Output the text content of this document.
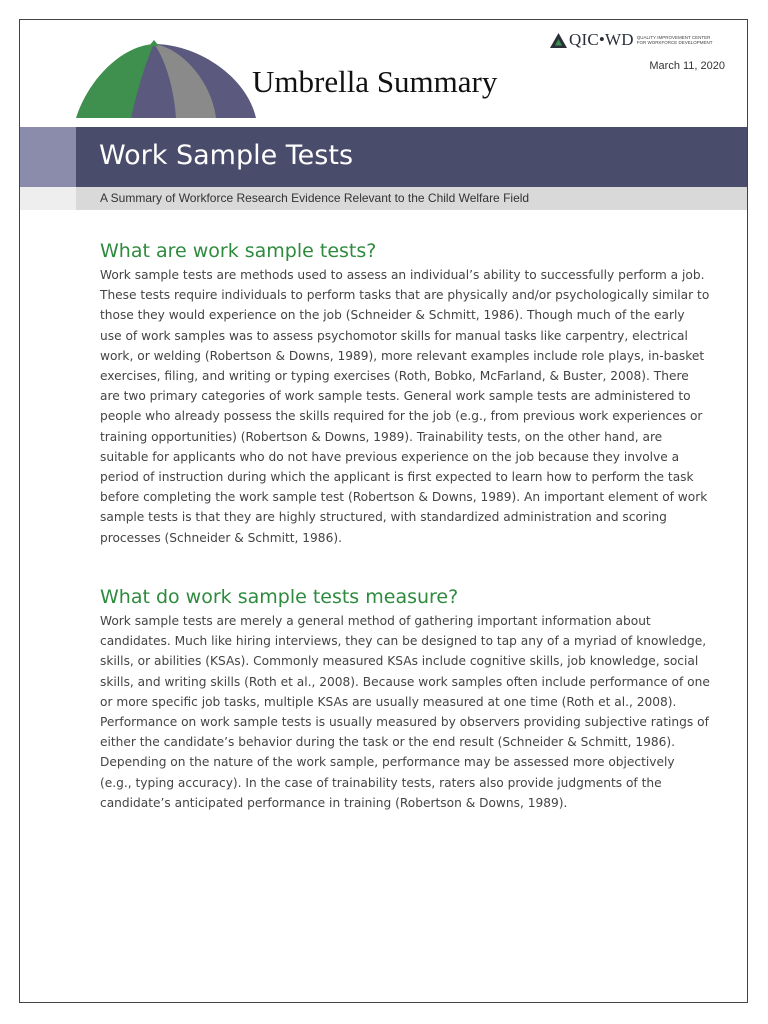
Umbrella Summary
QIC•WD QUALITY IMPROVEMENT CENTER
FOR WORKFORCE DEVELOPMENT
March 11, 2020
Work Sample Tests
A Summary of Workforce Research Evidence Relevant to the Child Welfare Field
What are work sample tests?

Work sample tests are methods used to assess an individual’s ability to successfully perform a job. These tests require individuals to perform tasks that are physically and/or psychologically similar to those they would experience on the job (Schneider & Schmitt, 1986). Though much of the early use of work samples was to assess psychomotor skills for manual tasks like carpentry, electrical work, or welding (Robertson & Downs, 1989), more relevant examples include role plays, in-basket exercises, filing, and writing or typing exercises (Roth, Bobko, McFarland, & Buster, 2008). There are two primary categories of work sample tests. General work sample tests are administered to people who already possess the skills required for the job (e.g., from previous work experiences or training opportunities) (Robertson & Downs, 1989). Trainability tests, on the other hand, are suitable for applicants who do not have previous experience on the job because they involve a period of instruction during which the applicant is first expected to learn how to perform the task before completing the work sample test (Robertson & Downs, 1989). An important element of work sample tests is that they are highly structured, with standardized administration and scoring processes (Schneider & Schmitt, 1986).

What do work sample tests measure?

Work sample tests are merely a general method of gathering important information about candidates. Much like hiring interviews, they can be designed to tap any of a myriad of knowledge, skills, or abilities (KSAs). Commonly measured KSAs include cognitive skills, job knowledge, social skills, and writing skills (Roth et al., 2008). Because work samples often include performance of one or more specific job tasks, multiple KSAs are usually measured at one time (Roth et al., 2008). Performance on work sample tests is usually measured by observers providing subjective ratings of either the candidate’s behavior during the task or the end result (Schneider & Schmitt, 1986). Depending on the nature of the work sample, performance may be assessed more objectively (e.g., typing accuracy). In the case of trainability tests, raters also provide judgments of the candidate’s anticipated performance in training (Robertson & Downs, 1989).
